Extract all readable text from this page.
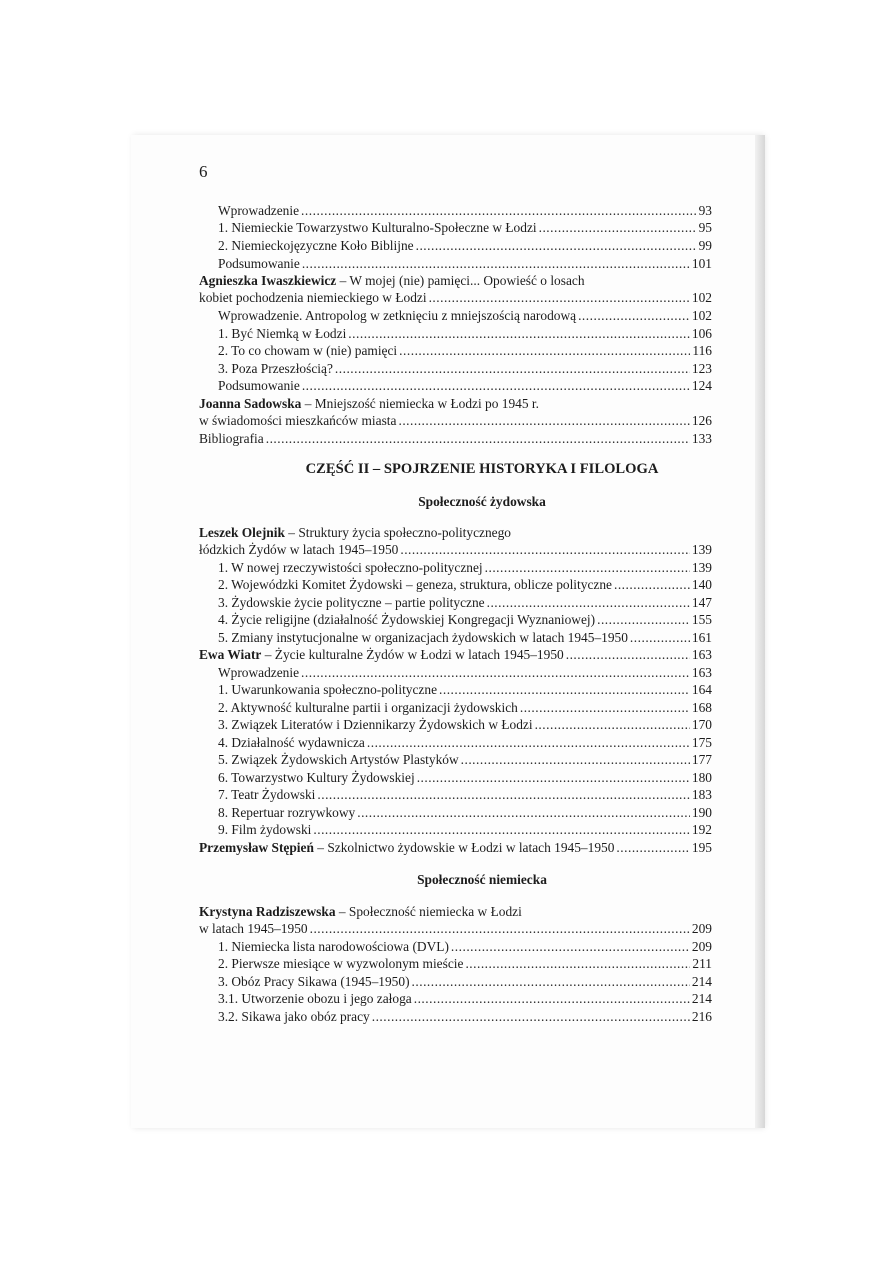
6
Wprowadzenie .....	93
1. Niemieckie Towarzystwo Kulturalno-Społeczne w Łodzi .....	95
2. Niemieckojęzyczne Koło Biblijne .....	99
Podsumowanie .....	101
Agnieszka Iwaszkiewicz – W mojej (nie) pamięci... Opowieść o losach
kobiet pochodzenia niemieckiego w Łodzi .....	102
Wprowadzenie. Antropolog w zetknięciu z mniejszością narodową .....	102
1. Być Niemką w Łodzi .....	106
2. To co chowam w (nie) pamięci .....	116
3. Poza Przeszłością? .....	123
Podsumowanie .....	124
Joanna Sadowska – Mniejszość niemiecka w Łodzi po 1945 r.
w świadomości mieszkańców miasta .....	126
Bibliografia .....	133
CZĘŚĆ II – SPOJRZENIE HISTORYKA I FILOLOGA
Społeczność żydowska
Leszek Olejnik – Struktury życia społeczno-politycznego
łódzkich Żydów w latach 1945–1950 .....	139
1. W nowej rzeczywistości społeczno-politycznej .....	139
2. Wojewódzki Komitet Żydowski – geneza, struktura, oblicze polityczne .....	140
3. Żydowskie życie polityczne – partie polityczne .....	147
4. Życie religijne (działalność Żydowskiej Kongregacji Wyznaniowej) .....	155
5. Zmiany instytucjonalne w organizacjach żydowskich w latach 1945–1950 .....	161
Ewa Wiatr – Życie kulturalne Żydów w Łodzi w latach 1945–1950 .....	163
Wprowadzenie .....	163
1. Uwarunkowania społeczno-polityczne .....	164
2. Aktywność kulturalne partii i organizacji żydowskich .....	168
3. Związek Literatów i Dziennikarzy Żydowskich w Łodzi .....	170
4. Działalność wydawnicza .....	175
5. Związek Żydowskich Artystów Plastyków .....	177
6. Towarzystwo Kultury Żydowskiej .....	180
7. Teatr Żydowski .....	183
8. Repertuar rozrywkowy .....	190
9. Film żydowski .....	192
Przemysław Stępień – Szkolnictwo żydowskie w Łodzi w latach 1945–1950 .....	195
Społeczność niemiecka
Krystyna Radziszewska – Społeczność niemiecka w Łodzi
w latach 1945–1950 .....	209
1. Niemiecka lista narodowościowa (DVL) .....	209
2. Pierwsze miesiące w wyzwolonym mieście .....	211
3. Obóz Pracy Sikawa (1945–1950) .....	214
3.1. Utworzenie obozu i jego załoga .....	214
3.2. Sikawa jako obóz pracy .....	216
